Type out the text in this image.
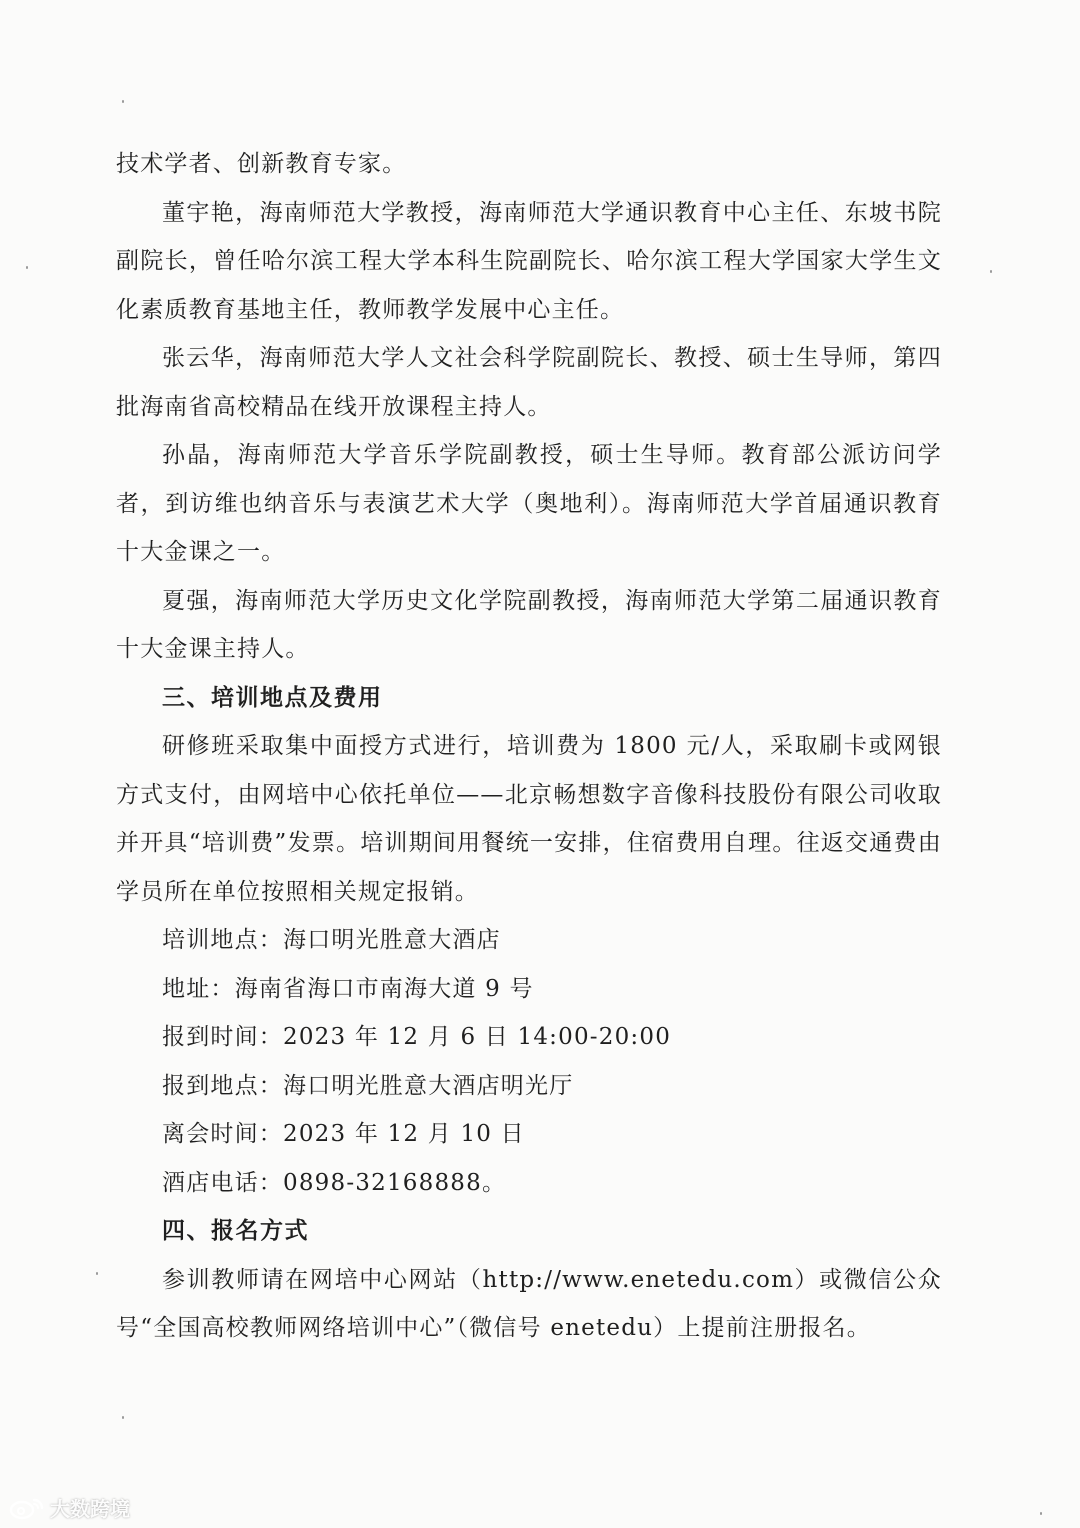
技术学者、创新教育专家。

董宇艳，海南师范大学教授，海南师范大学通识教育中心主任、东坡书院副院长，曾任哈尔滨工程大学本科生院副院长、哈尔滨工程大学国家大学生文化素质教育基地主任，教师教学发展中心主任。

张云华，海南师范大学人文社会科学院副院长、教授、硕士生导师，第四批海南省高校精品在线开放课程主持人。

孙晶，海南师范大学音乐学院副教授，硕士生导师。教育部公派访问学者，到访维也纳音乐与表演艺术大学（奥地利）。海南师范大学首届通识教育十大金课之一。

夏强，海南师范大学历史文化学院副教授，海南师范大学第二届通识教育十大金课主持人。

三、培训地点及费用

研修班采取集中面授方式进行，培训费为 1800 元/人，采取刷卡或网银方式支付，由网培中心依托单位——北京畅想数字音像科技股份有限公司收取并开具“培训费”发票。培训期间用餐统一安排，住宿费用自理。往返交通费由学员所在单位按照相关规定报销。

培训地点：海口明光胜意大酒店

地址：海南省海口市南海大道 9 号

报到时间：2023 年 12 月 6 日 14:00-20:00

报到地点：海口明光胜意大酒店明光厅

离会时间：2023 年 12 月 10 日

酒店电话：0898-32168888。

四、报名方式

参训教师请在网培中心网站（http://www.enetedu.com）或微信公众号“全国高校教师网络培训中心”（微信号 enetedu）上提前注册报名。

大数跨境
